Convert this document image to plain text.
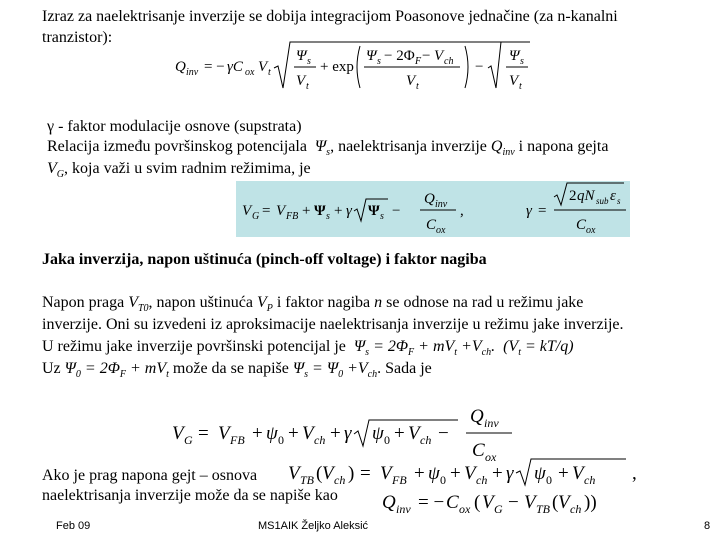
Izraz za naelektrisanje inverzije se dobija integracijom Poasonove jednačine (za n-kanalni
tranzistor):
Q inv = − γC ox V t
Ψ s
V t
+ exp
Ψ s − 2Φ F − V ch
V t
−
Ψ s
V t
γ - faktor modulacije osnove (supstrata)
Relacija između površinskog potencijala  $\Psi_s$, naelektrisanja inverzije $Q_{inv}$ i napona gejta
$V_G$, koja važi u svim radnim režimima, je
V G = V FB + Ψ s + γ Ψ s −
Q inv
C ox
,	γ =
2 qN sub ε s
C ox
Jaka inverzija, napon uštinuća (pinch-off voltage) i faktor nagiba
Napon praga $V_{T0}$, napon uštinuća $V_P$ i faktor nagiba n se odnose na rad u režimu jake
inverzije. Oni su izvedeni iz aproksimacije naelektrisanja inverzije u režimu jake inverzije.
U režimu jake inverzije površinski potencijal je  $\Psi_s = 2\Phi_F + mV_t +V_{ch}$.  $(V_t = kT/q)$
Uz $\Psi_0 = 2\Phi_F + mV_t$ može da se napiše $\Psi_s = \Psi_0 +V_{ch}$. Sada je
V G = V FB + ψ 0 + V ch + γ ψ 0 + V ch −
Q inv
C ox
Ako je prag napona gejt – osnova
naelektrisanja inverzije može da se napiše kao
V TB ( V ch ) = V FB + ψ 0 + V ch + γ ψ 0 + V ch ,
Q inv = − C ox ( V G − V TB ( V ch ))
Feb 09	MS1AIK Željko Aleksić	8
